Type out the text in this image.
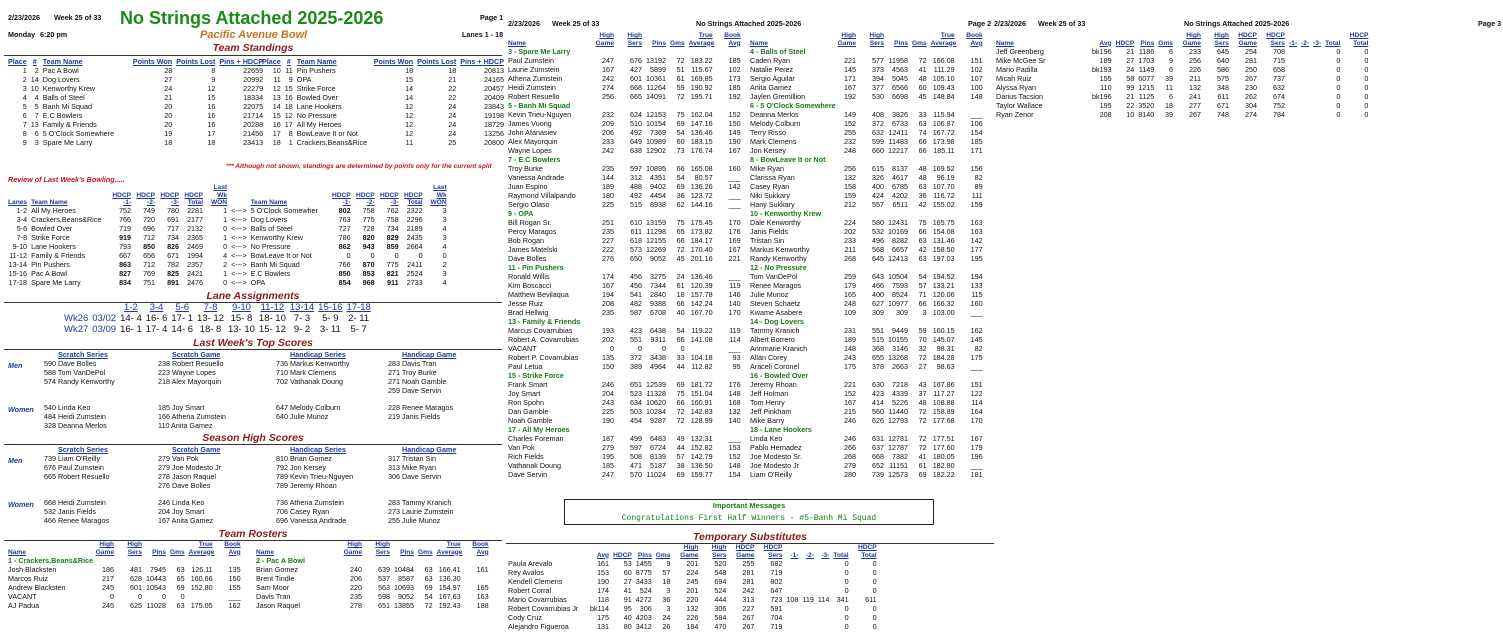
2/23/2026 Week 25 of 33 No Strings Attached 2025-2026	Page 1
Monday 6:20 pm	Pacific Avenue Bowl	Lanes 1 - 18
Team Standings
Place	#	Team Name	Points Won	Points Lost	Pins + HDCP
1	2	Pac A Bowl	28	8	22659
2	14	Dog Lovers	27	9	20992
3	10	Kenworthy Krew	24	12	22279
4	4	Balls of Steel	21	15	18334
5	5	Banh Mi Squad	20	16	22075
6	7	E.C Bowlers	20	16	21714
7	13	Family & Friends	20	16	20288
8	6	5 O'Clock Somewhere	19	17	21456
9	3	Spare Me Larry	18	18	23413
Place	#	Team Name	Points Won	Points Lost	Pins + HDCP
10	11	Pin Pushers	18	18	20813
11	9	OPA	15	21	24165
12	15	Strike Force	14	22	20457
13	16	Bowled Over	14	22	20409
14	18	Lane Hookers	12	24	23843
15	12	No Pressure	12	24	19198
16	17	All My Heroes	12	24	18729
17	8	BowLeave It or Not	12	24	13256
18	1	Crackers,Beans&Rice	11	25	20800
*** Although not shown, standings are determined by points only for the current split
Review of Last Week's Bowling.....
Lanes	Team Name	HDCP -1-	HDCP -2-	HDCP -3-	HDCP Total	Last Wk WON		Team Name	HDCP -1-	HDCP -2-	HDCP -3-	HDCP Total	Last Wk WON
1-2	All My Heroes	752	749	780	2281	1	<--->	5 O'Clock Somewher	802	758	762	2322	3
3-4	Crackers,Beans&Rice	766	720	691	2177	1	<--->	Dog Lovers	763	775	758	2296	3
5-6	Bowled Over	719	696	717	2132	0	<--->	Balls of Steel	727	728	734	2189	4
7-8	Strike Force	919	712	734	2365	1	<--->	Kenworthy Krew	786	820	829	2435	3
9-10	Lane Hookers	793	850	826	2469	0	<--->	No Pressure	862	943	859	2664	4
11-12	Family & Friends	667	656	671	1994	4	<--->	BowLeave It or Not	0	0	0	0	0
13-14	Pin Pushers	863	712	782	2357	2	<--->	Banh Mi Squad	766	870	775	2411	2
15-16	Pac A Bowl	827	769	825	2421	1	<--->	E.C Bowlers	850	853	821	2524	3
17-18	Spare Me Larry	834	751	891	2476	0	<--->	OPA	854	968	911	2733	4
Lane Assignments
		1-2	3-4	5-6	7-8	9-10	11-12	13-14	15-16	17-18
Wk26	03/02	14- 4	16- 6	17- 1	13- 12	15- 8	18- 10	7- 3	5- 9	2- 11
Wk27	03/09	16- 1	17- 4	14- 6	18- 8	13- 10	15- 12	9- 2	3- 11	5- 7
Last Week's Top Scores
Scratch Series	Scratch Game	Handicap Series	Handicap Game
Men	590 Dave Bolles	238 Robert Resuello	736 Markus Kenworthy	283 Davis Tran
588 Tom VanDePol	223 Wayne Lopes	710 Mark Clemens	271 Troy Burke
574 Randy Kenworthy	218 Alex Mayorquin	702 Vathanak Doung	271 Noah Gamble
259 Dave Servin
Women 540 Linda Keo	185 Joy Smart	647 Melody Colburn	228 Renee Maragos
484 Heidi Zumstein	166 Athena Zumstein	640 Julie Munoz	219 Janis Fields
328 Deanna Merlos	110 Anita Gamez
Season High Scores
Scratch Series	Scratch Game	Handicap Series	Handicap Game
Men	739 Liam O'Reilly	279 Van Pok	810 Brian Gomez	317 Tristan Sin
676 Paul Zumstein	279 Joe Modesto Jr	792 Jon Kersey	313 Mike Ryan
665 Robert Resuello	278 Jason Raquel	789 Kevin Trieu-Nguyen	306 Dave Servin
276 Dave Bolles	789 Jeremy Rhoan
Women 668 Heidi Zumstein	246 Linda Keo	736 Athena Zumstein	283 Tammy Kranich
532 Janis Fields	204 Joy Smart	706 Casey Ryan	273 Laurie Zumstein
466 Renee Maragos	167 Anita Gamez	696 Vanessa Andrade	255 Julie Munoz
Team Rosters
Name	High Game	High Sers	Pins	Gms	True Average	Book Avg
1 - Crackers,Beans&Rice						
Josh Blacksten	186	481	7945	63	126.11	135
Marcos Ruiz	217	628	10443	65	160.66	150
Andrew Blacksten	245	601	10543	69	152.80	155
VACANT	0	0	0	0		___
AJ Padua	245	625	11028	63	175.05	162
Name	High Game	High Sers	Pins	Gms	True Average	Book Avg
2 - Pac A Bowl						
Brian Gomez	240	639	10484	63	166.41	161
Brent Tindle	206	537	8587	63	136.30	
Sam Moor	220	563	10693	69	154.97	165
Davis Tran	235	598	9052	54	167.63	163
Jason Raquel	278	651	13855	72	192.43	188
2/23/2026 Week 25 of 33	No Strings Attached 2025-2026	Page 2
Name	High Game	High Sers	Pins	Gms	True Average	Book Avg
3 - Spare Me Larry						
Paul Zumstein	247	676	13192	72	183.22	185
Laurie Zumstein	167	427	5899	51	115.67	102
Athena Zumstein	242	601	10361	61	169.85	173
Heidi Zumstein	274	668	11264	59	190.92	185
Robert Resuello	256	665	14091	72	195.71	192
5 - Banh Mi Squad						
Kevin Trieu-Nguyen	232	624	12153	75	162.04	152
James Vuong	209	510	10154	69	147.16	150
John Afanasiev	206	492	7369	54	136.46	149
Alex Mayorquin	233	649	10989	60	183.15	190
Wayne Lopes	242	638	12902	73	176.74	167
7 - E.C Bowlers						
Troy Burke	235	597	10895	66	165.08	160
Vanessa Andrade	144	312	4351	54	80.57	___
Juan Espino	189	488	9402	69	136.26	142
Raymond Villalpando	180	492	4454	36	123.72	___
Sergio Olaso	225	515	8938	62	144.16	___
9 - OPA						
Bill Rogan Sr.	251	610	13159	75	175.45	170
Percy Maragos	235	611	11298	65	173.82	176
Bob Rogan	227	618	12155	66	184.17	169
James Matelski	222	573	12269	72	170.40	167
Dave Bolles	276	650	9052	45	201.16	221
11 - Pin Pushers						
Ronald Willis	174	456	3275	24	136.46	___
Kim Boscacci	167	456	7344	61	120.39	119
Matthew Bevilaqua	194	541	2840	18	157.78	146
Jesse Ruiz	208	482	9388	66	142.24	140
Brad Hellwig	235	587	6708	40	167.70	170
13 - Family & Friends						
Marcus Covarrubias	193	423	6438	54	119.22	119
Robert A. Covarrubias	202	551	9311	66	141.08	114
VACANT	0	0	0	0		___
Robert P. Covarrubias	135	372	3438	33	104.18	93
Paul Letua	150	389	4964	44	112.82	95
15 - Strike Force						
Frank Smart	246	651	12539	69	181.72	176
Joy Smart	204	523	11328	75	151.04	148
Ron Spohn	243	634	10620	66	160.91	168
Dan Gamble	225	503	10284	72	142.83	132
Noah Gamble	190	454	9287	72	128.99	140
17 - All My Heroes						
Charles Foreman	187	499	6483	49	132.31	___
Van Pok	279	597	6724	44	152.82	153
Rich Fields	195	508	8139	57	142.79	152
Vathanak Doung	185	471	5187	38	136.50	148
Dave Servin	247	570	11024	69	159.77	154
Name	High Game	High Sers	Pins	Gms	True Average	Book Avg
4 - Balls of Steel						
Caden Ryan	221	577	11958	72	166.08	151
Natalie Perez	145	373	4563	41	111.29	102
Sergio Aguilar	171	394	5045	48	105.10	107
Anita Gamez	167	377	6566	60	109.43	100
Jaylen Gremillion	192	530	6698	45	148.84	148
6 - 5 O'Clock Somewhere						
Deanna Merlos	149	408	3826	33	115.94	___
Melody Colburn	152	372	6733	63	106.87	106
Terry Risso	255	632	12411	74	167.72	154
Mark Clemens	232	599	11483	66	173.98	185
Jon Kersey	248	660	12217	66	185.11	171
8 - BowLeave It or Not						
Mike Ryan	256	615	8137	48	169.52	156
Clarissa Ryan	132	326	4617	48	96.19	82
Casey Ryan	158	400	6785	63	107.70	89
Niki Sukkary	159	424	4202	36	116.72	111
Hany Sukkary	212	557	6511	42	155.02	159
10 - Kenworthy Krew						
Dale Kenworthy	224	580	12431	75	165.75	163
Janis Fields	202	532	10169	66	154.08	163
Tristan Sin	233	496	8282	63	131.46	142
Markus Kenworthy	211	568	6657	42	158.50	177
Randy Kenworthy	268	645	12413	63	197.03	195
12 - No Pressure						
Tom VanDePol	259	643	10504	54	194.52	194
Renee Maragos	179	466	7593	57	133.21	133
Julie Munoz	165	400	8524	71	120.06	115
Steven Schaetz	248	627	10977	66	166.32	160
Kwame Asabere	109	309	309	3	103.00	___
14 - Dog Lovers						
Tammy Kranich	231	551	9449	59	160.15	162
Albert Borrero	189	515	10155	70	145.07	145
Annmarie Kranich	148	368	3146	32	98.31	82
Allan Corey	243	655	13268	72	184.28	175
Araceli Coronel	175	378	2663	27	98.63	___
16 - Bowled Over						
Jeremy Rhoan	221	630	7218	43	167.86	151
Jeff Holman	152	423	4339	37	117.27	122
Tom Henry	167	414	5226	48	108.88	114
Jeff Pinkham	215	560	11440	72	158.89	164
Mike Barry	246	626	12793	72	177.68	170
18 - Lane Hookers						
Linda Keo	246	631	12781	72	177.51	167
Pablo Hernadez	266	637	12787	72	177.60	179
Joe Modesto Sr.	268	668	7382	41	180.05	196
Joe Modesto Jr	279	652	11151	61	182.80	___
Liam O'Reilly	280	739	12573	69	182.22	181
Important Messages
Congratulations First Half Winners - #5-Banh Mi Squad
Temporary Substitutes
	Avg	HDCP	Pins	Gms	High Game	High Sers	HDCP Game	HDCP Sers	-1-	-2-	-3-	Total	HDCP Total
Paula Arevalo	161	53	1455	9	201	520	255	682				0	0
Rey Avalos	153	60	8775	57	224	548	281	719				0	0
Kendell Clemens	190	27	3433	18	245	694	281	802				0	0
Robert Corral	174	41	524	3	201	524	242	647				0	0
Mario Covarrubias	118	91	4272	36	220	444	313	723	108	119	114	341	611
Robert Covarrubias Jr	bk114	95	306	3	132	306	227	591				0	0
Cody Cruz	175	40	4203	24	226	584	267	704				0	0
Alejandro Figueroa	131	80	3412	26	184	470	267	719				0	0
2/23/2026 Week 25 of 33	No Strings Attached 2025-2026	Page 3
Name	Avg	HDCP	Pins	Gms	High Game	High Sers	HDCP Game	HDCP Sers	-1-	-2-	-3-	Total	HDCP Total
Jeff Greenberg	bk196	21	1186	6	233	645	254	708				0	0
Mike McGee Sr	189	27	1703	9	256	640	281	715				0	0
Mario Padilla	bk193	24	1149	6	226	586	250	658				0	0
Micah Ruiz	155	58	6077	39	211	575	267	737				0	0
Alyssa Ryan	110	99	1215	11	132	348	230	632				0	0
Darius Tacsion	bk196	21	1125	6	241	611	262	674				0	0
Taylor Wallace	195	22	3520	18	277	671	304	752				0	0
Ryan Zenor	208	10	8140	39	267	748	274	784				0	0
